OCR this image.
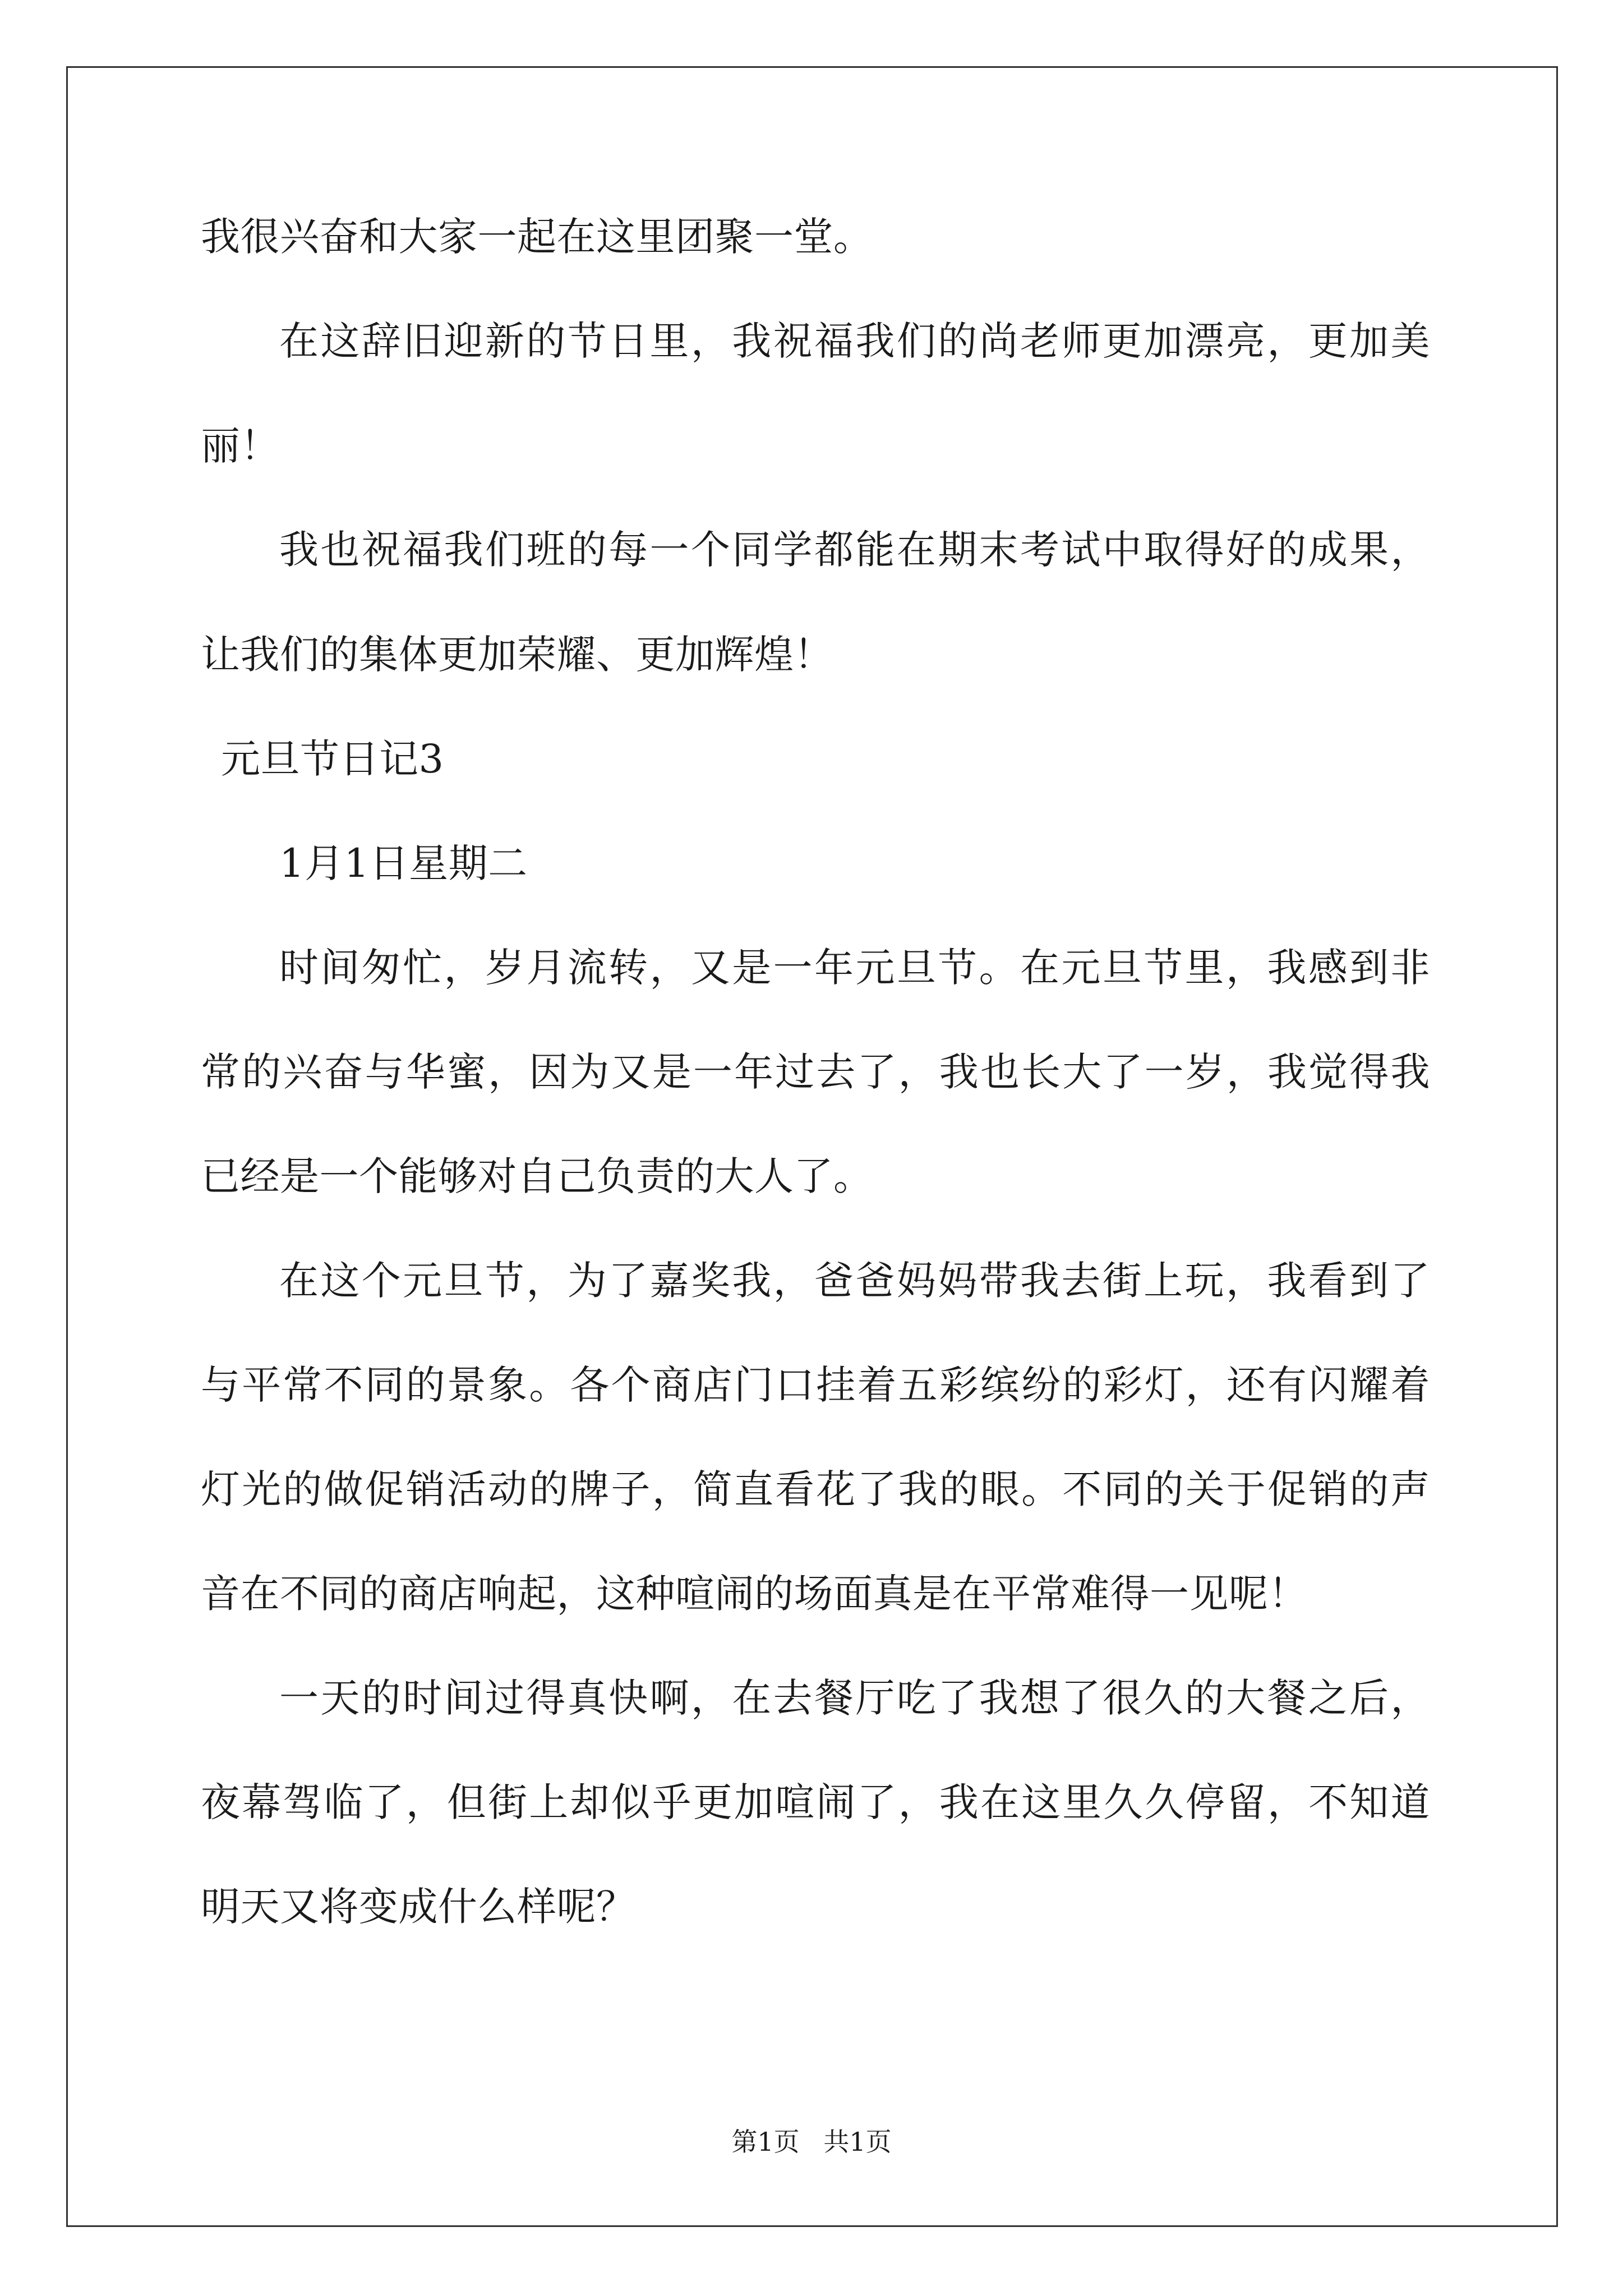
我很兴奋和大家一起在这里团聚一堂。
在这辞旧迎新的节日里，我祝福我们的尚老师更加漂亮，更加美
丽！
我也祝福我们班的每一个同学都能在期末考试中取得好的成果，
让我们的集体更加荣耀、更加辉煌！
元旦节日记3
1月1日星期二
时间匆忙，岁月流转，又是一年元旦节。在元旦节里，我感到非
常的兴奋与华蜜，因为又是一年过去了，我也长大了一岁，我觉得我
已经是一个能够对自己负责的大人了。
在这个元旦节，为了嘉奖我，爸爸妈妈带我去街上玩，我看到了
与平常不同的景象。各个商店门口挂着五彩缤纷的彩灯，还有闪耀着
灯光的做促销活动的牌子，简直看花了我的眼。不同的关于促销的声
音在不同的商店响起，这种喧闹的场面真是在平常难得一见呢！
一天的时间过得真快啊，在去餐厅吃了我想了很久的大餐之后，
夜幕驾临了，但街上却似乎更加喧闹了，我在这里久久停留，不知道
明天又将变成什么样呢？
第1页 共1页
